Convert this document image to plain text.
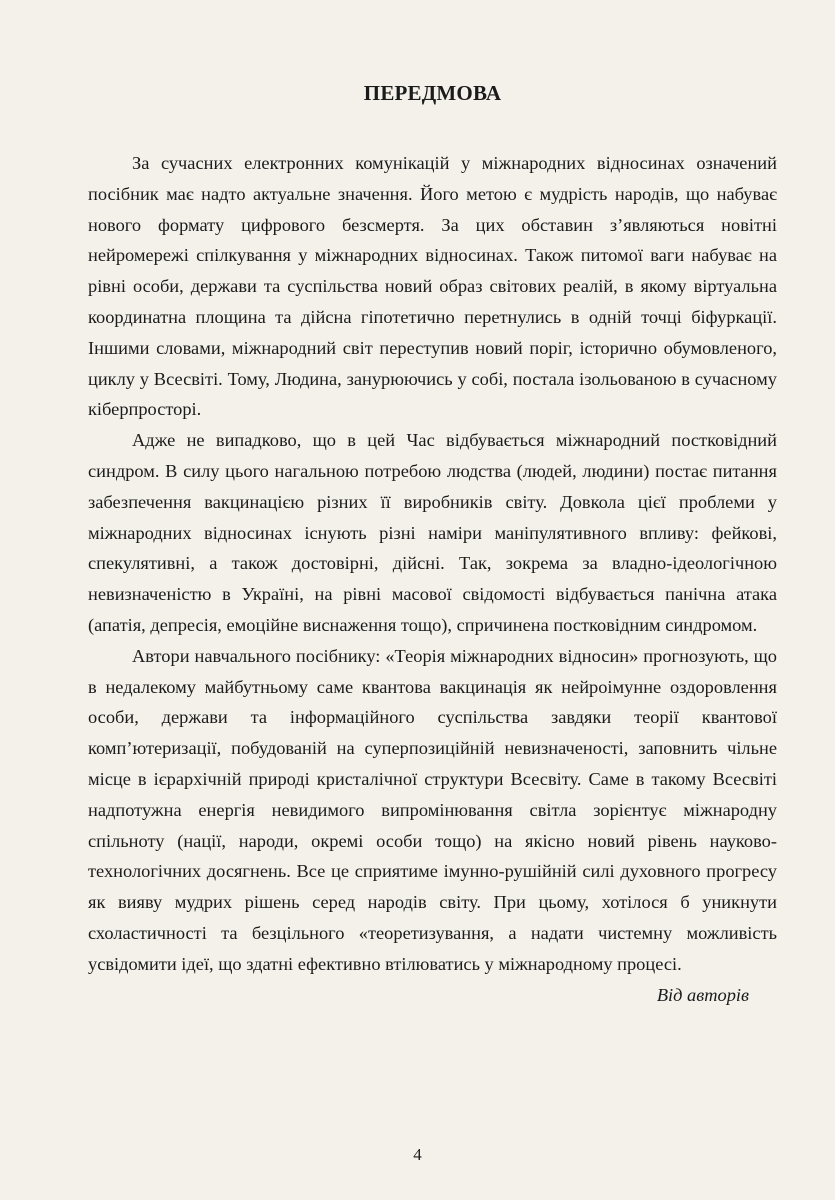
ПЕРЕДМОВА

За сучасних електронних комунікацій у міжнародних відносинах означений посібник має надто актуальне значення. Його метою є мудрість народів, що набуває нового формату цифрового безсмертя. За цих обставин з’являються новітні нейромережі спілкування у міжнародних відносинах. Також питомої ваги набуває на рівні особи, держави та суспільства новий образ світових реалій, в якому віртуальна координатна площина та дійсна гіпотетично перетнулись в одній точці біфуркації. Іншими словами, міжнародний світ переступив новий поріг, історично обумовленого, циклу у Всесвіті. Тому, Людина, занурюючись у собі, постала ізольованою в сучасному кіберпросторі.

Адже не випадково, що в цей Час відбувається міжнародний постковідний синдром. В силу цього нагальною потребою людства (людей, людини) постає питання забезпечення вакцинацією різних її виробників світу. Довкола цієї проблеми у міжнародних відносинах існують різні наміри маніпулятивного впливу: фейкові, спекулятивні, а також достовірні, дійсні. Так, зокрема за владно-ідеологічною невизначеністю в Україні, на рівні масової свідомості відбувається панічна атака (апатія, депресія, емоційне виснаження тощо), спричинена постковідним синдромом.

Автори навчального посібнику: «Теорія міжнародних відносин» прогнозують, що в недалекому майбутньому саме квантова вакцинація як нейроімунне оздоровлення особи, держави та інформаційного суспільства завдяки теорії квантової комп’ютеризації, побудованій на суперпозиційній невизначеності, заповнить чільне місце в ієрархічній природі кристалічної структури Всесвіту. Саме в такому Всесвіті надпотужна енергія невидимого випромінювання світла зорієнтує міжнародну спільноту (нації, народи, окремі особи тощо) на якісно новий рівень науково-технологічних досягнень. Все це сприятиме імунно-рушійній силі духовного прогресу як вияву мудрих рішень серед народів світу. При цьому, хотілося б уникнути схоластичності та безцільного «теоретизування, а надати чистемну можливість усвідомити ідеї, що здатні ефективно втілюватись у міжнародному процесі.

Від авторів

4
